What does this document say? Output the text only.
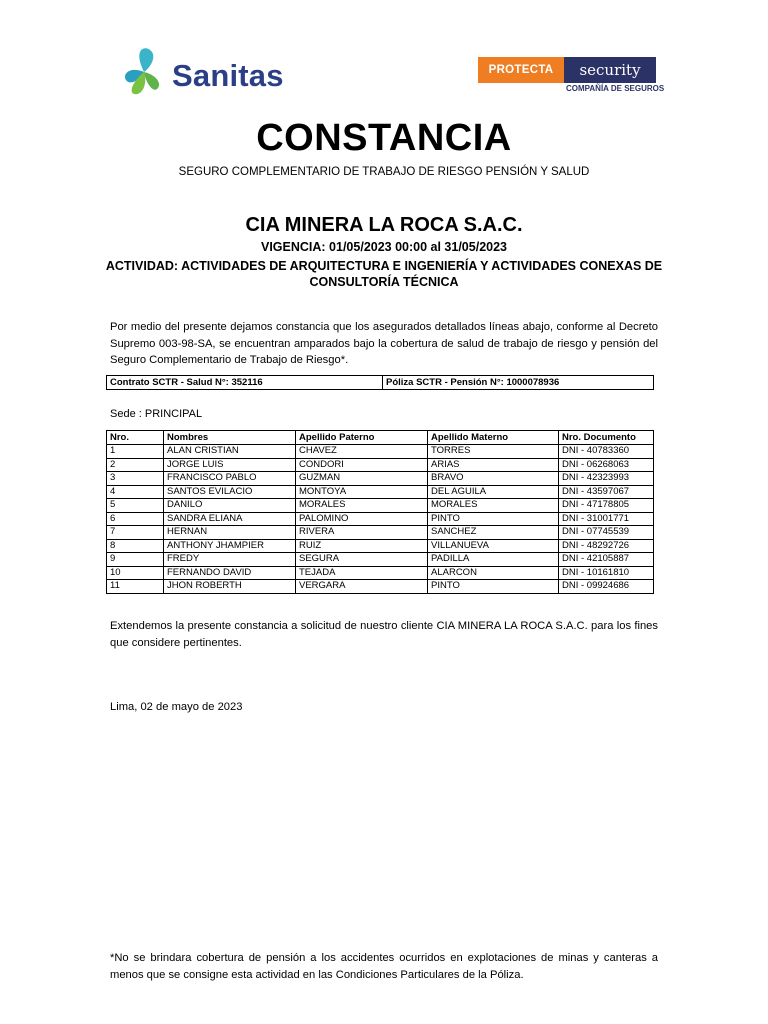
Sanitas	PROTECTA	security
COMPAÑÍA DE SEGUROS
CONSTANCIA
SEGURO COMPLEMENTARIO DE TRABAJO DE RIESGO PENSIÓN Y SALUD
CIA MINERA LA ROCA S.A.C.
VIGENCIA: 01/05/2023 00:00 al 31/05/2023
ACTIVIDAD: ACTIVIDADES DE ARQUITECTURA E INGENIERÍA Y ACTIVIDADES CONEXAS DE CONSULTORÍA TÉCNICA
Por medio del presente dejamos constancia que los asegurados detallados líneas abajo, conforme al Decreto Supremo 003-98-SA, se encuentran amparados bajo la cobertura de salud de trabajo de riesgo y pensión del Seguro Complementario de Trabajo de Riesgo*.
Contrato SCTR - Salud N°: 352116	Póliza SCTR - Pensión N°: 1000078936
Sede : PRINCIPAL
Nro.	Nombres	Apellido Paterno	Apellido Materno	Nro. Documento
1	ALAN CRISTIAN	CHAVEZ	TORRES	DNI - 40783360
2	JORGE LUIS	CONDORI	ARIAS	DNI - 06268063
3	FRANCISCO PABLO	GUZMAN	BRAVO	DNI - 42323993
4	SANTOS EVILACIO	MONTOYA	DEL AGUILA	DNI - 43597067
5	DANILO	MORALES	MORALES	DNI - 47178805
6	SANDRA ELIANA	PALOMINO	PINTO	DNI - 31001771
7	HERNAN	RIVERA	SANCHEZ	DNI - 07745539
8	ANTHONY JHAMPIER	RUIZ	VILLANUEVA	DNI - 48292726
9	FREDY	SEGURA	PADILLA	DNI - 42105887
10	FERNANDO DAVID	TEJADA	ALARCON	DNI - 10161810
11	JHON ROBERTH	VERGARA	PINTO	DNI - 09924686
Extendemos la presente constancia a solicitud de nuestro cliente CIA MINERA LA ROCA S.A.C. para los fines que considere pertinentes.
Lima, 02 de mayo de 2023
*No se brindara cobertura de pensión a los accidentes ocurridos en explotaciones de minas y canteras a menos que se consigne esta actividad en las Condiciones Particulares de la Póliza.
